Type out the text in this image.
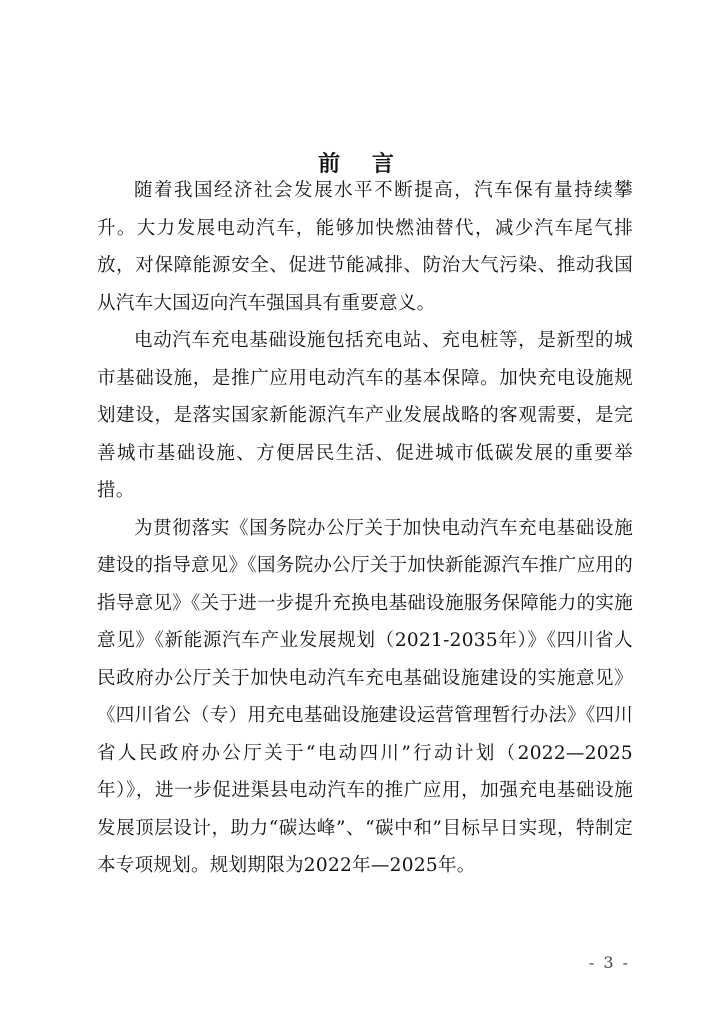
前 言

随着我国经济社会发展水平不断提高，汽车保有量持续攀升。大力发展电动汽车，能够加快燃油替代，减少汽车尾气排放，对保障能源安全、促进节能减排、防治大气污染、推动我国从汽车大国迈向汽车强国具有重要意义。

电动汽车充电基础设施包括充电站、充电桩等，是新型的城市基础设施，是推广应用电动汽车的基本保障。加快充电设施规划建设，是落实国家新能源汽车产业发展战略的客观需要，是完善城市基础设施、方便居民生活、促进城市低碳发展的重要举措。

为贯彻落实《国务院办公厅关于加快电动汽车充电基础设施建设的指导意见》《国务院办公厅关于加快新能源汽车推广应用的指导意见》《关于进一步提升充换电基础设施服务保障能力的实施意见》《新能源汽车产业发展规划（2021-2035年）》《四川省人民政府办公厅关于加快电动汽车充电基础设施建设的实施意见》《四川省公（专）用充电基础设施建设运营管理暂行办法》《四川省人民政府办公厅关于“电动四川”行动计划（2022—2025年）》，进一步促进渠县电动汽车的推广应用，加强充电基础设施发展顶层设计，助力“碳达峰”、“碳中和”目标早日实现，特制定本专项规划。规划期限为2022年—2025年。

- 3 -
